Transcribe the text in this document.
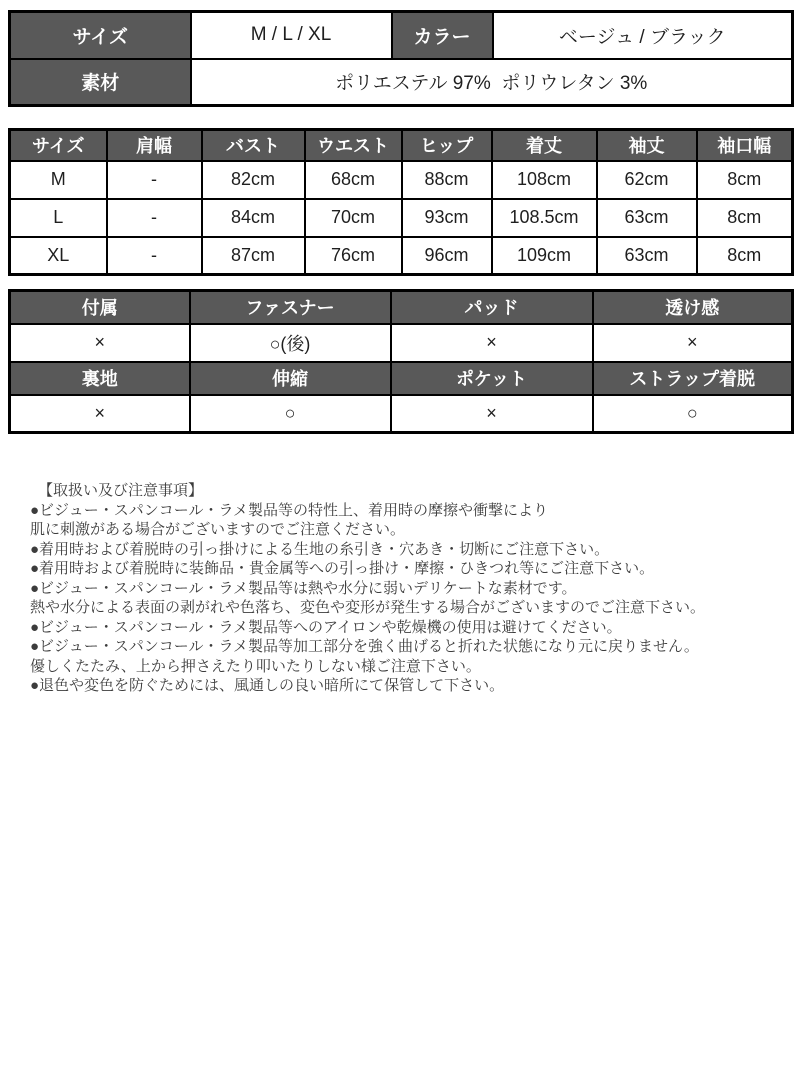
サイズ	M / L / XL	カラー	ベージュ / ブラック
素材	ポリエステル 97%  ポリウレタン 3%		
サイズ	肩幅	バスト	ウエスト	ヒップ	着丈	袖丈	袖口幅
M	-	82cm	68cm	88cm	108cm	62cm	8cm
L	-	84cm	70cm	93cm	108.5cm	63cm	8cm
XL	-	87cm	76cm	96cm	109cm	63cm	8cm
付属	ファスナー	パッド	透け感
×	○(後)	×	×
裏地	伸縮	ポケット	ストラップ着脱
×	○	×	○
【取扱い及び注意事項】
●ビジュー・スパンコール・ラメ製品等の特性上、着用時の摩擦や衝撃により
肌に刺激がある場合がございますのでご注意ください。
●着用時および着脱時の引っ掛けによる生地の糸引き・穴あき・切断にご注意下さい。
●着用時および着脱時に装飾品・貴金属等への引っ掛け・摩擦・ひきつれ等にご注意下さい。
●ビジュー・スパンコール・ラメ製品等は熱や水分に弱いデリケートな素材です。
熱や水分による表面の剥がれや色落ち、変色や変形が発生する場合がございますのでご注意下さい。
●ビジュー・スパンコール・ラメ製品等へのアイロンや乾燥機の使用は避けてください。
●ビジュー・スパンコール・ラメ製品等加工部分を強く曲げると折れた状態になり元に戻りません。
優しくたたみ、上から押さえたり叩いたりしない様ご注意下さい。
●退色や変色を防ぐためには、風通しの良い暗所にて保管して下さい。
